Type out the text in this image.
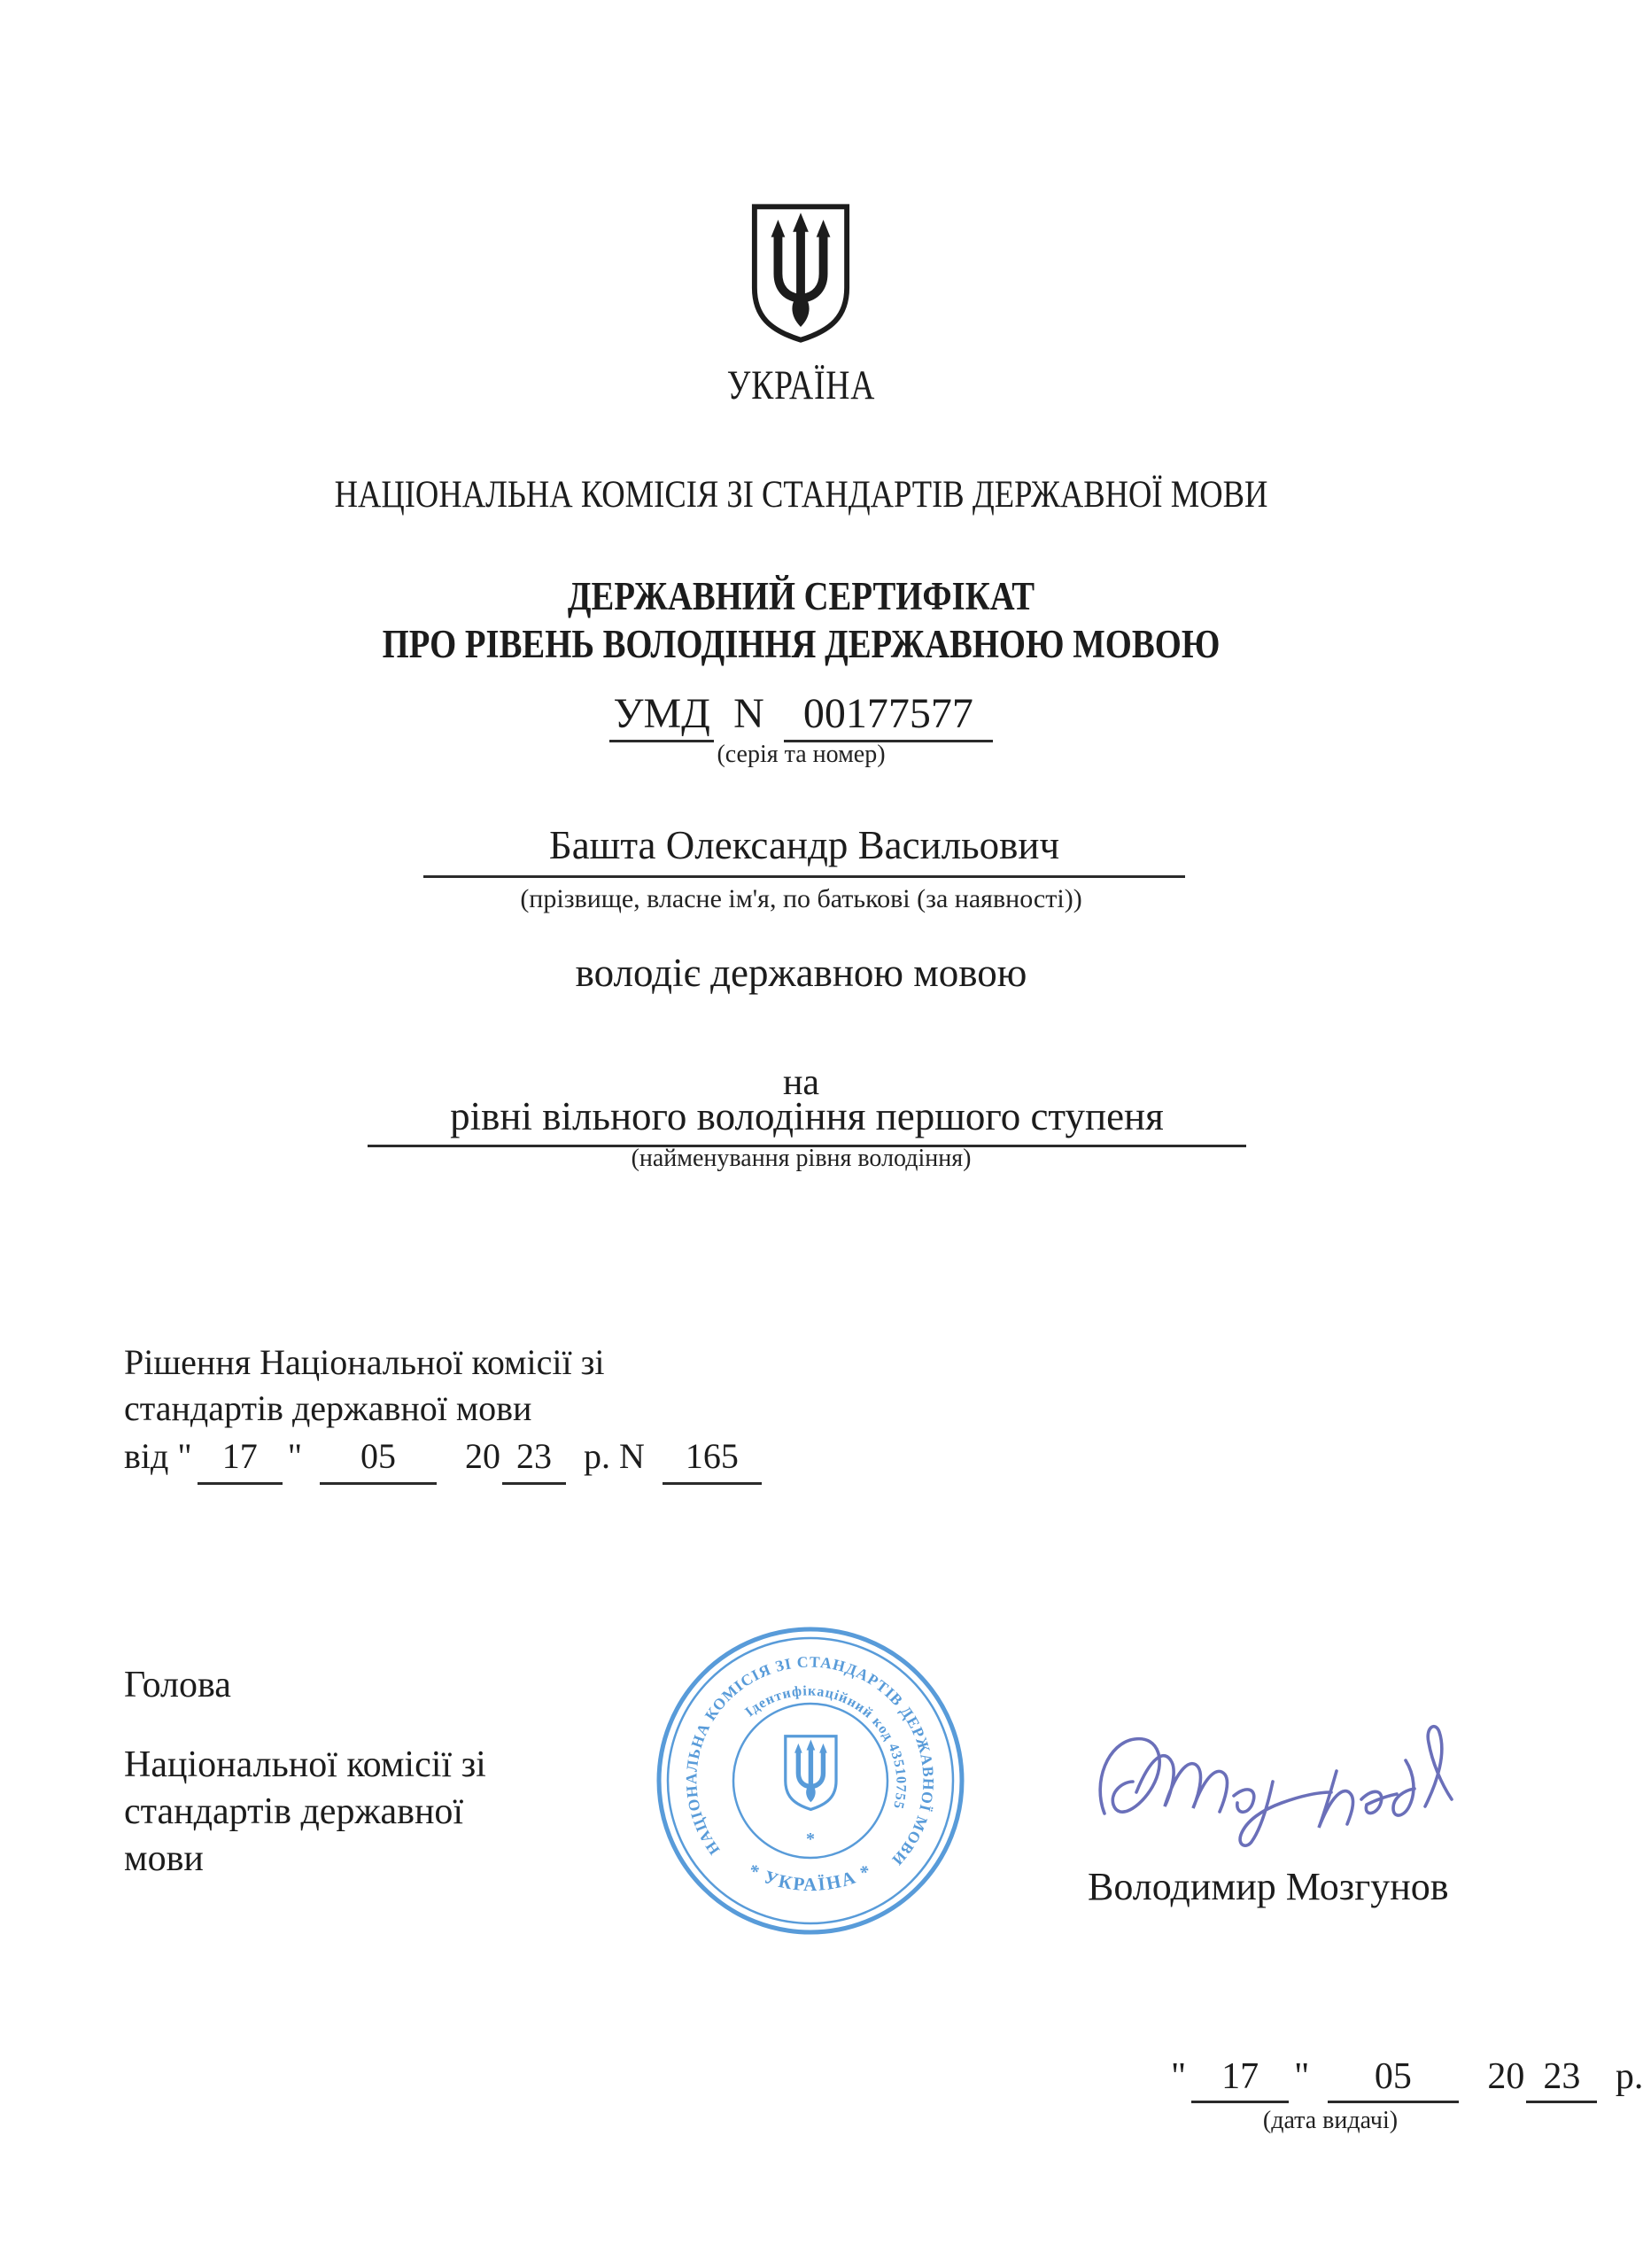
УКРАЇНА
НАЦІОНАЛЬНА КОМІСІЯ ЗІ СТАНДАРТІВ ДЕРЖАВНОЇ МОВИ
ДЕРЖАВНИЙ СЕРТИФІКАТ
ПРО РІВЕНЬ ВОЛОДІННЯ ДЕРЖАВНОЮ МОВОЮ
УМД N 00177577
(серія та номер)
Башта Олександр Васильович
(прізвище, власне ім'я, по батькові (за наявності))
володіє державною мовою
на
рівні вільного володіння першого ступеня
(найменування рівня володіння)
Рішення Національної комісії зі
стандартів державної мови
від " 17 " 05 20 23 р. N 165
Голова
Національної комісії зі
стандартів державної
мови	НАЦІОНАЛЬНА КОМІСІЯ ЗІ СТАНДАРТІВ ДЕРЖАВНОЇ МОВИ
* УКРАЇНА *
Ідентифікаційний код 43510755
*
Володимир Мозгунов
" 17 " 05 20 23 р.
(дата видачі)
